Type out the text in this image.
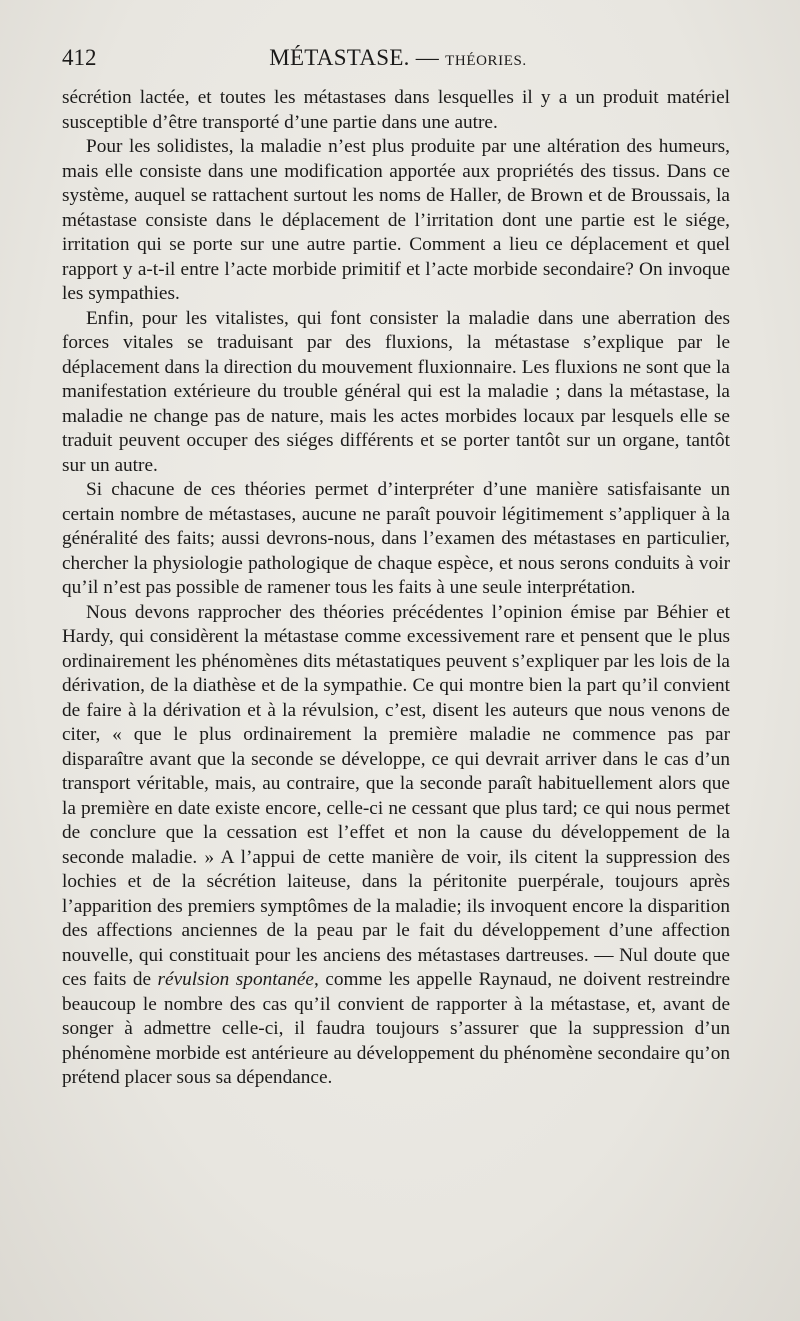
412	MÉTASTASE. — THÉORIES.

sécrétion lactée, et toutes les métastases dans lesquelles il y a un produit matériel susceptible d’être transporté d’une partie dans une autre.

Pour les solidistes, la maladie n’est plus produite par une altération des humeurs, mais elle consiste dans une modification apportée aux propriétés des tissus. Dans ce système, auquel se rattachent surtout les noms de Haller, de Brown et de Broussais, la métastase consiste dans le déplacement de l’irritation dont une partie est le siége, irritation qui se porte sur une autre partie. Comment a lieu ce déplacement et quel rapport y a-t-il entre l’acte morbide primitif et l’acte morbide secondaire? On invoque les sympathies.

Enfin, pour les vitalistes, qui font consister la maladie dans une aberration des forces vitales se traduisant par des fluxions, la métastase s’explique par le déplacement dans la direction du mouvement fluxionnaire. Les fluxions ne sont que la manifestation extérieure du trouble général qui est la maladie ; dans la métastase, la maladie ne change pas de nature, mais les actes morbides locaux par lesquels elle se traduit peuvent occuper des siéges différents et se porter tantôt sur un organe, tantôt sur un autre.

Si chacune de ces théories permet d’interpréter d’une manière satisfaisante un certain nombre de métastases, aucune ne paraît pouvoir légitimement s’appliquer à la généralité des faits; aussi devrons-nous, dans l’examen des métastases en particulier, chercher la physiologie pathologique de chaque espèce, et nous serons conduits à voir qu’il n’est pas possible de ramener tous les faits à une seule interprétation.

Nous devons rapprocher des théories précédentes l’opinion émise par Béhier et Hardy, qui considèrent la métastase comme excessivement rare et pensent que le plus ordinairement les phénomènes dits métastatiques peuvent s’expliquer par les lois de la dérivation, de la diathèse et de la sympathie. Ce qui montre bien la part qu’il convient de faire à la dérivation et à la révulsion, c’est, disent les auteurs que nous venons de citer, « que le plus ordinairement la première maladie ne commence pas par disparaître avant que la seconde se développe, ce qui devrait arriver dans le cas d’un transport véritable, mais, au contraire, que la seconde paraît habituellement alors que la première en date existe encore, celle-ci ne cessant que plus tard; ce qui nous permet de conclure que la cessation est l’effet et non la cause du développement de la seconde maladie. » A l’appui de cette manière de voir, ils citent la suppression des lochies et de la sécrétion laiteuse, dans la péritonite puerpérale, toujours après l’apparition des premiers symptômes de la maladie; ils invoquent encore la disparition des affections anciennes de la peau par le fait du développement d’une affection nouvelle, qui constituait pour les anciens des métastases dartreuses. — Nul doute que ces faits de révulsion spontanée, comme les appelle Raynaud, ne doivent restreindre beaucoup le nombre des cas qu’il convient de rapporter à la métastase, et, avant de songer à admettre celle-ci, il faudra toujours s’assurer que la suppression d’un phénomène morbide est antérieure au développement du phénomène secondaire qu’on prétend placer sous sa dépendance.
